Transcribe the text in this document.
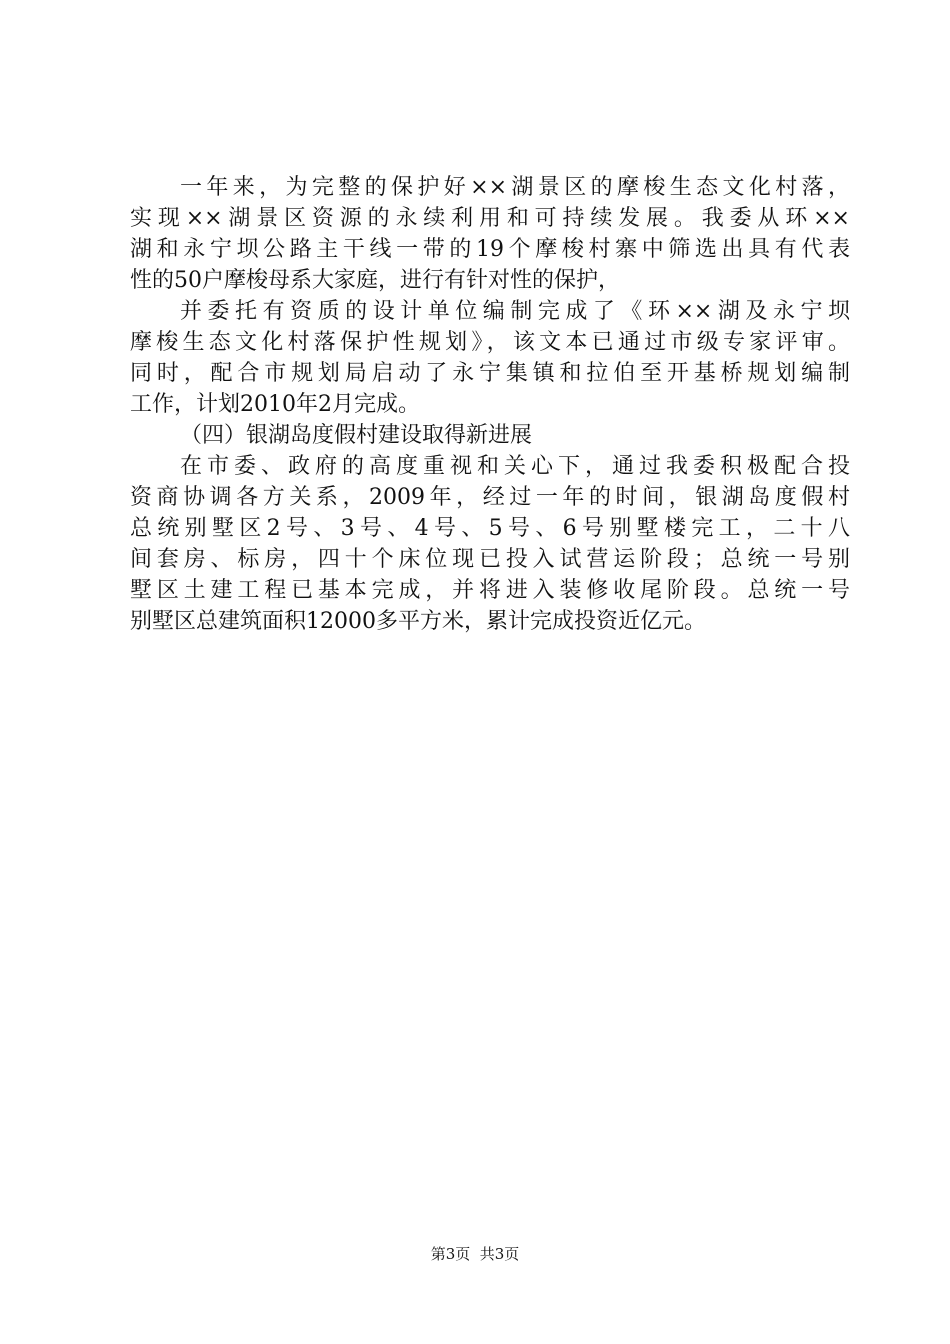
一年来，为完整的保护好××湖景区的摩梭生态文化村落，
实现××湖景区资源的永续利用和可持续发展。我委从环××
湖和永宁坝公路主干线一带的19个摩梭村寨中筛选出具有代表
性的50户摩梭母系大家庭，进行有针对性的保护，
并委托有资质的设计单位编制完成了《环××湖及永宁坝
摩梭生态文化村落保护性规划》，该文本已通过市级专家评审。
同时，配合市规划局启动了永宁集镇和拉伯至开基桥规划编制
工作，计划2010年2月完成。
（四）银湖岛度假村建设取得新进展
在市委、政府的高度重视和关心下，通过我委积极配合投
资商协调各方关系，2009年，经过一年的时间，银湖岛度假村
总统别墅区2号、3号、4号、5号、6号别墅楼完工，二十八
间套房、标房，四十个床位现已投入试营运阶段；总统一号别
墅区土建工程已基本完成，并将进入装修收尾阶段。总统一号
别墅区总建筑面积12000多平方米，累计完成投资近亿元。
第3页  共3页
